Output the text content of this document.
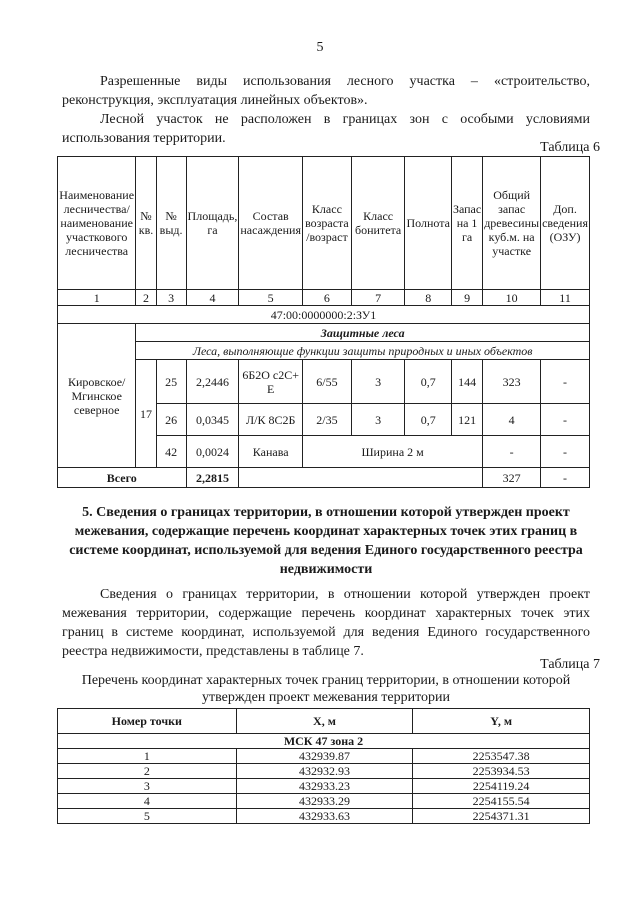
5

Разрешенные виды использования лесного участка – «строительство, реконструкция, эксплуатация линейных объектов».

Лесной участок не расположен в границах зон с особыми условиями использования территории.

Таблица 6
Наименование лесничества/ наименование участкового лесничества	№ кв.	№ выд.	Площадь, га	Состав насаждения	Класс возраста /возраст	Класс бонитета	Полнота	Запас на 1 га	Общий запас древесины куб.м. на участке	Доп. сведения (ОЗУ)
1	2	3	4	5	6	7	8	9	10	11
47:00:0000000:2:ЗУ1										
Кировское/ Мгинское северное	Защитные леса									
	Леса, выполняющие функции защиты природных и иных объектов									
	17	25	2,2446	6Б2О с2С+ Е	6/55	3	0,7	144	323	-
		26	0,0345	Л/К 8С2Б	2/35	3	0,7	121	4	-
		42	0,0024	Канава	Ширина 2 м				-	-
Всего			2,2815						327	-

5. Сведения о границах территории, в отношении которой утвержден проект межевания, содержащие перечень координат характерных точек этих границ в системе координат, используемой для ведения Единого государственного реестра недвижимости

Сведения о границах территории, в отношении которой утвержден проект межевания территории, содержащие перечень координат характерных точек этих границ в системе координат, используемой для ведения Единого государственного реестра недвижимости, представлены в таблице 7.

Таблица 7

Перечень координат характерных точек границ территории, в отношении которой утвержден проект межевания территории

Номер точки	X, м	Y, м
МСК 47 зона 2		
1	432939.87	2253547.38
2	432932.93	2253934.53
3	432933.23	2254119.24
4	432933.29	2254155.54
5	432933.63	2254371.31
